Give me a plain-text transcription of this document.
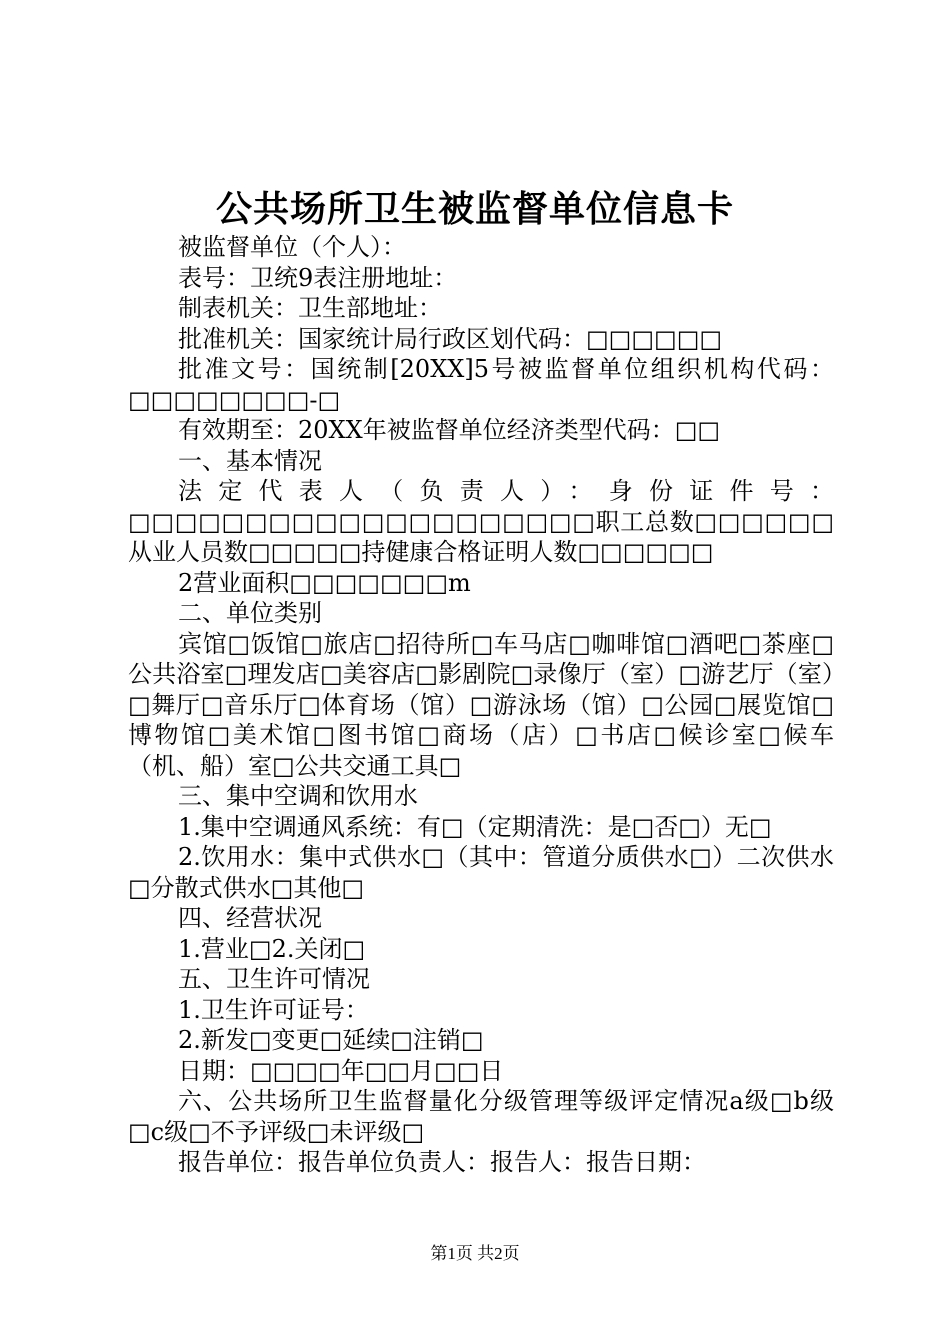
公共场所卫生被监督单位信息卡

被监督单位（个人）：

表号：卫统9表注册地址：

制表机关：卫生部地址：

批准机关：国家统计局行政区划代码：□□□□□□

批准文号：国统制[20XX]5号被监督单位组织机构代码：□□□□□□□□-□

有效期至：20XX年被监督单位经济类型代码：□□

一、基本情况

法定代表人（负责人）：身份证件号：□□□□□□□□□□□□□□□□□□□□职工总数□□□□□□从业人员数□□□□□持健康合格证明人数□□□□□□

2营业面积□□□□□□□m

二、单位类别

宾馆□饭馆□旅店□招待所□车马店□咖啡馆□酒吧□茶座□公共浴室□理发店□美容店□影剧院□录像厅（室）□游艺厅（室）□舞厅□音乐厅□体育场（馆）□游泳场（馆）□公园□展览馆□博物馆□美术馆□图书馆□商场（店）□书店□候诊室□候车（机、船）室□公共交通工具□

三、集中空调和饮用水

1.集中空调通风系统：有□（定期清洗：是□否□）无□

2.饮用水：集中式供水□（其中：管道分质供水□）二次供水□分散式供水□其他□

四、经营状况

1.营业□2.关闭□

五、卫生许可情况

1.卫生许可证号：

2.新发□变更□延续□注销□

日期：□□□□年□□月□□日

六、公共场所卫生监督量化分级管理等级评定情况a级□b级□c级□不予评级□未评级□

报告单位：报告单位负责人：报告人：报告日期：

第1页 共2页
